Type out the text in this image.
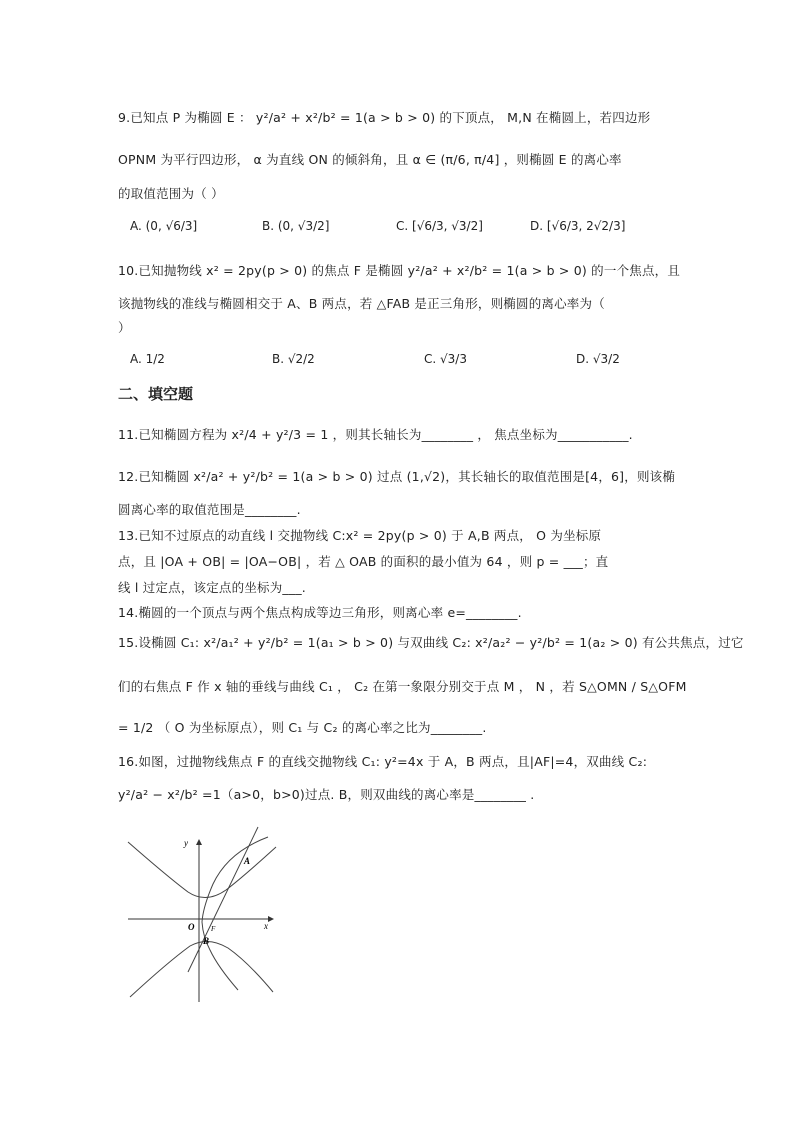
9.已知点 P 为椭圆 E ： y²/a² + x²/b² = 1(a > b > 0) 的下顶点， M,N 在椭圆上，若四边形
OPNM 为平行四边形， α 为直线 ON 的倾斜角，且 α ∈ (π/6, π/4] ，则椭圆 E 的离心率
的取值范围为（ ）
A. (0, √6/3]	B. (0, √3/2]	C. [√6/3, √3/2]	D. [√6/3, 2√2/3]
10.已知抛物线 x² = 2py(p > 0) 的焦点 F 是椭圆 y²/a² + x²/b² = 1(a > b > 0) 的一个焦点，且
该抛物线的准线与椭圆相交于 A、B 两点，若 △FAB 是正三角形，则椭圆的离心率为（
）
A. 1/2	B. √2/2	C. √3/3	D. √3/2
二、填空题
11.已知椭圆方程为 x²/4 + y²/3 = 1 ，则其长轴长为________ ， 焦点坐标为___________.
12.已知椭圆 x²/a² + y²/b² = 1(a > b > 0) 过点 (1,√2)，其长轴长的取值范围是[4，6]，则该椭
圆离心率的取值范围是________.
13.已知不过原点的动直线 l 交抛物线 C:x² = 2py(p > 0) 于 A,B 两点， O 为坐标原
点，且 |OA + OB| = |OA−OB| ，若 △ OAB 的面积的最小值为 64 ，则 p = ___；直
线 l 过定点，该定点的坐标为___.
14.椭圆的一个顶点与两个焦点构成等边三角形，则离心率 e=________.
15.设椭圆 C₁: x²/a₁² + y²/b² = 1(a₁ > b > 0) 与双曲线 C₂: x²/a₂² − y²/b² = 1(a₂ > 0) 有公共焦点，过它
们的右焦点 F 作 x 轴的垂线与曲线 C₁ ， C₂ 在第一象限分别交于点 M ， N ，若 S△OMN / S△OFM
= 1/2 （ O 为坐标原点），则 C₁ 与 C₂ 的离心率之比为________.
16.如图，过抛物线焦点 F 的直线交抛物线 C₁: y²=4x 于 A，B 两点，且|AF|=4，双曲线 C₂:
y²/a² − x²/b² =1（a>0，b>0)过点. B，则双曲线的离心率是________ .
y
x
O F
A
B
